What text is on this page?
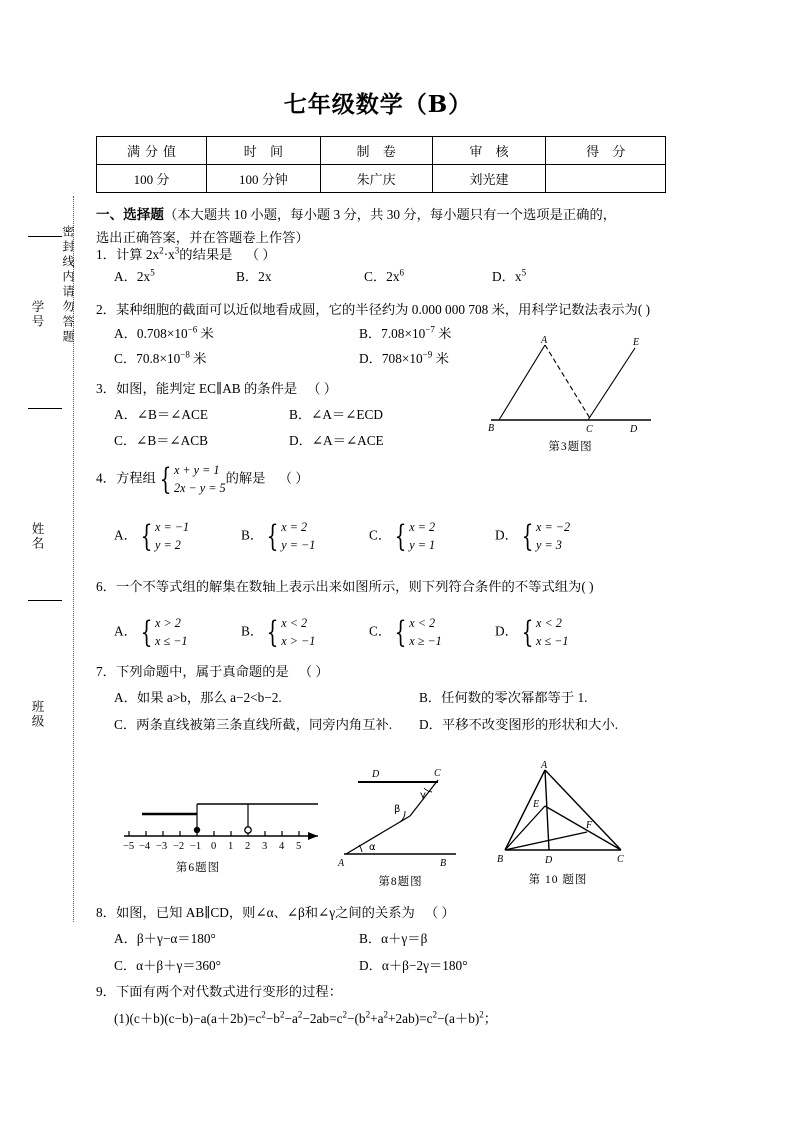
学号
姓名
班级
密封线内请勿答题
七年级数学（B）
满分值	时 间	制 卷	审 核	得 分
100 分	100 分钟	朱广庆	刘光建	
一、选择题（本大题共 10 小题，每小题 3 分，共 30 分，每小题只有一个选项是正确的，
选出正确答案，并在答题卷上作答）
1．计算 $2x^2\cdot x^3$的结果是 （ ）
A．$2x^5$	B．2x	C．$2x^6$	D．$x^5$
2．某种细胞的截面可以近似地看成圆，它的半径约为 0.000 000 708 米，用科学记数法表示为( )
A．$0.708\times 10^{-6}$ 米	B．$7.08\times 10^{-7}$ 米
C．$70.8\times 10^{-8}$ 米	D．$708\times 10^{-9}$ 米
3．如图，能判定 EC∥AB 的条件是 （ ）
A．∠B＝∠ACE	B．∠A＝∠ECD
C．∠B＝∠ACB	D．∠A＝∠ACE
A
B	C	D
E
第3题图
4．方程组 { x + y = 1
2x − y = 5
的解是 （ ）
A． { x = −1
y = 2
B． { x = 2
y = −1
C． { x = 2
y = 1
D． { x = −2
y = 3
6．一个不等式组的解集在数轴上表示出来如图所示，则下列符合条件的不等式组为( )
A． { x > 2
x ≤ −1
B． { x < 2
x > −1
C． { x < 2
x ≥ −1
D． { x < 2
x ≤ −1
7．下列命题中，属于真命题的是 （ ）
A．如果 a>b，那么 a−2<b−2.	B．任何数的零次幂都等于 1.
C．两条直线被第三条直线所截，同旁内角互补.	D．平移不改变图形的形状和大小.
−5 −4 −3 −2 −1 0 1 2 3 4 5
第6题图
D	C
A	B
β
α
γ
第8题图
A
B	C
D
E
F
第 10 题图
8．如图，已知 AB∥CD，则∠α、∠β和∠γ之间的关系为 （ ）
A．β＋γ−α＝180°	B．α＋γ＝β
C．α＋β＋γ＝360°	D．α＋β−2γ＝180°
9．下面有两个对代数式进行变形的过程：
$(1)(c+b)(c-b)-a(a+2b)=c^2-b^2-a^2-2ab=c^2-(b^2+a^2+2ab)=c^2-(a+b)^2$；
